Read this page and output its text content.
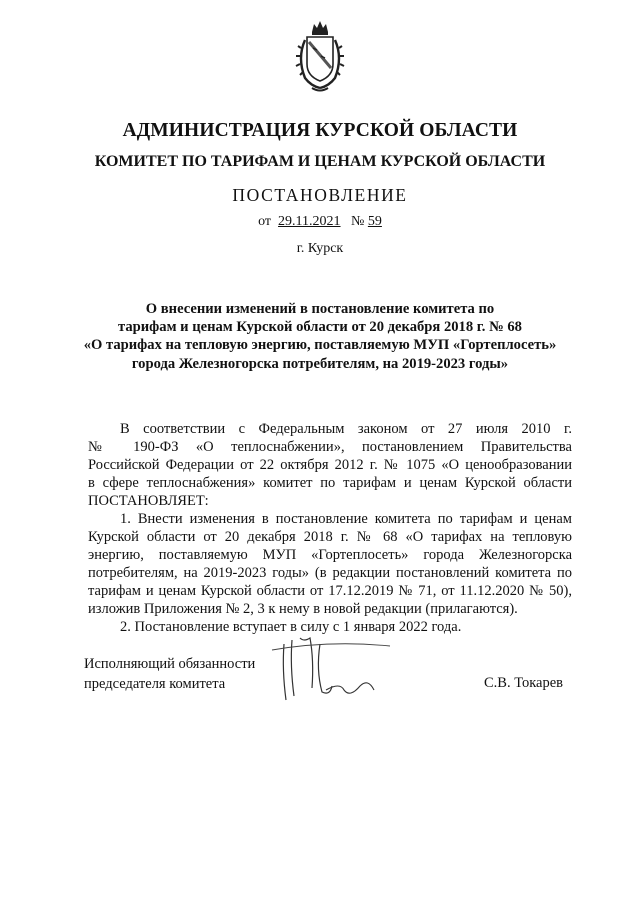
АДМИНИСТРАЦИЯ КУРСКОЙ ОБЛАСТИ
КОМИТЕТ ПО ТАРИФАМ И ЦЕНАМ КУРСКОЙ ОБЛАСТИ
ПОСТАНОВЛЕНИЕ
от 29.11.2021 № 59
г. Курск
О внесении изменений в постановление комитета по
тарифам и ценам Курской области от 20 декабря 2018 г. № 68
«О тарифах на тепловую энергию, поставляемую МУП «Гортеплосеть»
города Железногорска потребителям, на 2019-2023 годы»
В соответствии с Федеральным законом от 27 июля 2010 г.
№ 190-ФЗ «О теплоснабжении», постановлением Правительства
Российской Федерации от 22 октября 2012 г. № 1075 «О ценообразовании
в сфере теплоснабжения» комитет по тарифам и ценам Курской области
ПОСТАНОВЛЯЕТ:
1. Внести изменения в постановление комитета по тарифам и ценам
Курской области от 20 декабря 2018 г. № 68 «О тарифах на тепловую
энергию, поставляемую МУП «Гортеплосеть» города Железногорска
потребителям, на 2019-2023 годы» (в редакции постановлений комитета по
тарифам и ценам Курской области от 17.12.2019 № 71, от 11.12.2020 № 50),
изложив Приложения № 2, 3 к нему в новой редакции (прилагаются).
2. Постановление вступает в силу с 1 января 2022 года.
Исполняющий обязанности
председателя комитета	С.В. Токарев
